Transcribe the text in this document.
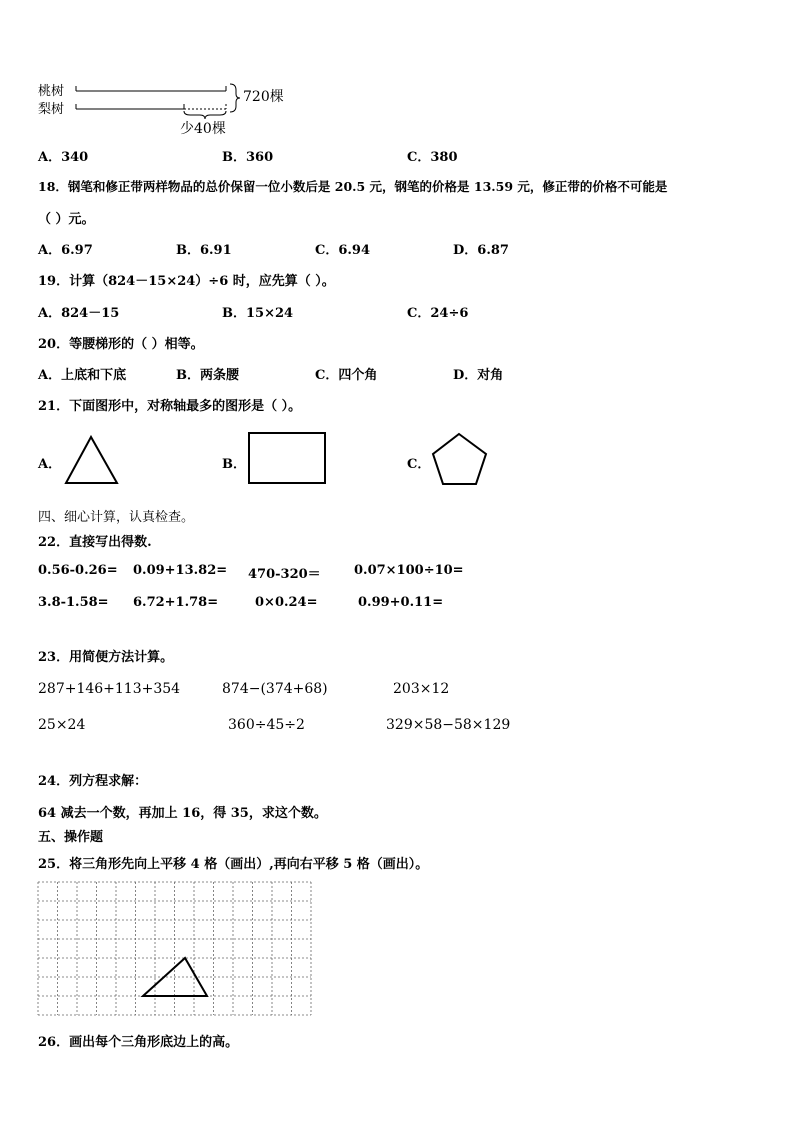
桃树
梨树
720棵
少40棵
A．340	B．360	C．380
18．钢笔和修正带两样物品的总价保留一位小数后是 20.5 元，钢笔的价格是 13.59 元，修正带的价格不可能是
（ ）元。
A．6.97	B．6.91	C．6.94	D．6.87
19．计算（824－15×24）÷6 时，应先算（ ）。
A．824－15	B．15×24	C．24÷6
20．等腰梯形的（ ）相等。
A．上底和下底	B．两条腰	C．四个角	D．对角
21．下面图形中，对称轴最多的图形是（ ）。
A．	B．	C．
四、细心计算，认真检查。
22．直接写出得数.
0.56-0.26= 0.09+13.82= 470-320＝	0.07×100÷10=
3.8-1.58= 6.72+1.78=	0×0.24=	0.99+0.11=
23．用简便方法计算。
287+146+113+354	874−(374+68)	203×12
25×24	360÷45÷2	329×58−58×129
24．列方程求解：
64 减去一个数，再加上 16，得 35，求这个数。
五、操作题
25．将三角形先向上平移 4 格（画出）,再向右平移 5 格（画出）。
26．画出每个三角形底边上的高。
